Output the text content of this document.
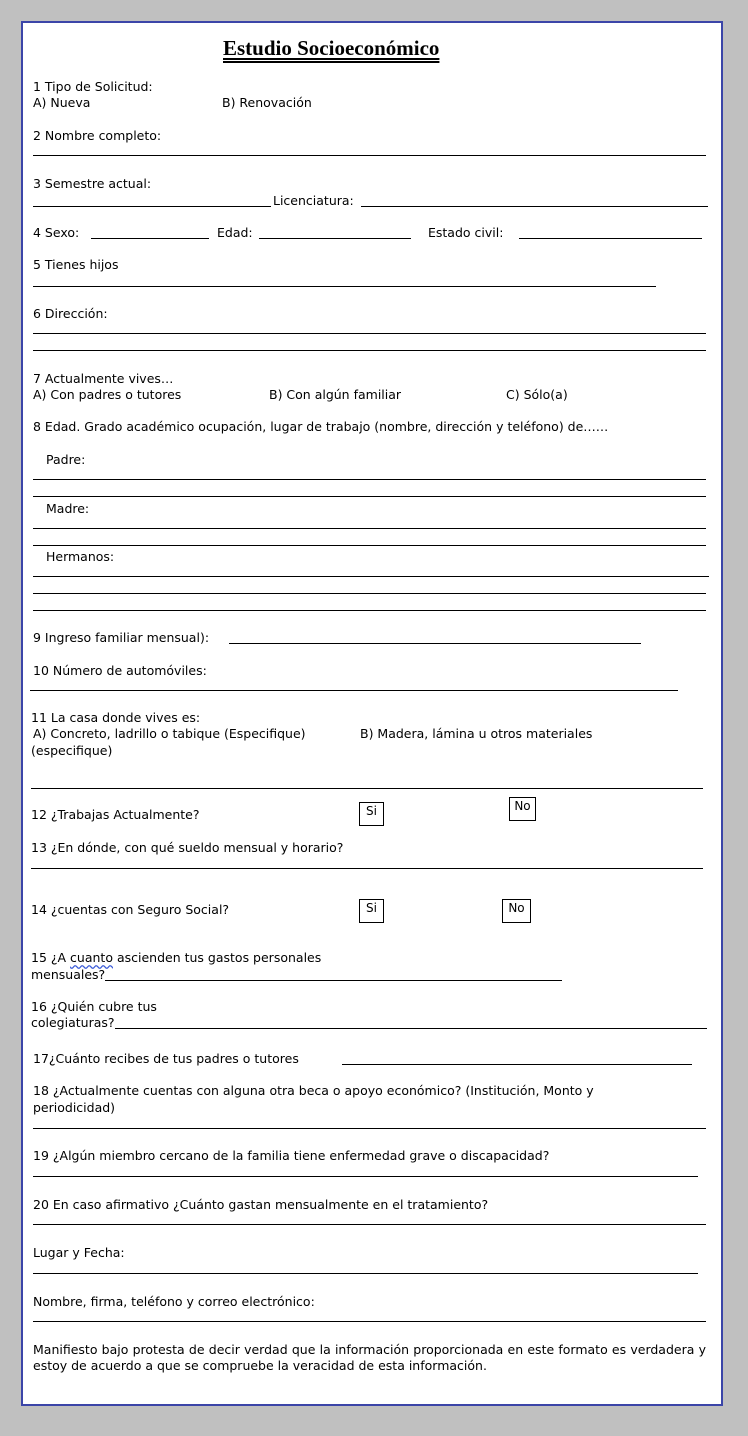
Estudio Socioeconómico
1 Tipo de Solicitud:
A) Nueva	B) Renovación
2 Nombre completo:
3 Semestre actual:
Licenciatura:
4 Sexo:	Edad:	Estado civil:
5 Tienes hijos
6 Dirección:
7 Actualmente vives…
A) Con padres o tutores	B) Con algún familiar	C) Sólo(a)
8 Edad. Grado académico ocupación, lugar de trabajo (nombre, dirección y teléfono) de……
Padre:
Madre:
Hermanos:
9 Ingreso familiar mensual):
10 Número de automóviles:
11 La casa donde vives es:
A) Concreto, ladrillo o tabique (Especifique)	B) Madera, lámina u otros materiales
(especifique)
12 ¿Trabajas Actualmente?	Si	No
13 ¿En dónde, con qué sueldo mensual y horario?
14 ¿cuentas con Seguro Social?	Si	No
15 ¿A cuanto ascienden tus gastos personales
mensuales?
16 ¿Quién cubre tus
colegiaturas?
17¿Cuánto recibes de tus padres o tutores
18 ¿Actualmente cuentas con alguna otra beca o apoyo económico? (Institución, Monto y
periodicidad)
19 ¿Algún miembro cercano de la familia tiene enfermedad grave o discapacidad?
20 En caso afirmativo ¿Cuánto gastan mensualmente en el tratamiento?
Lugar y Fecha:
Nombre, firma, teléfono y correo electrónico:
Manifiesto bajo protesta de decir verdad que la información proporcionada en este formato es verdadera y estoy de acuerdo a que se compruebe la veracidad de esta información.
